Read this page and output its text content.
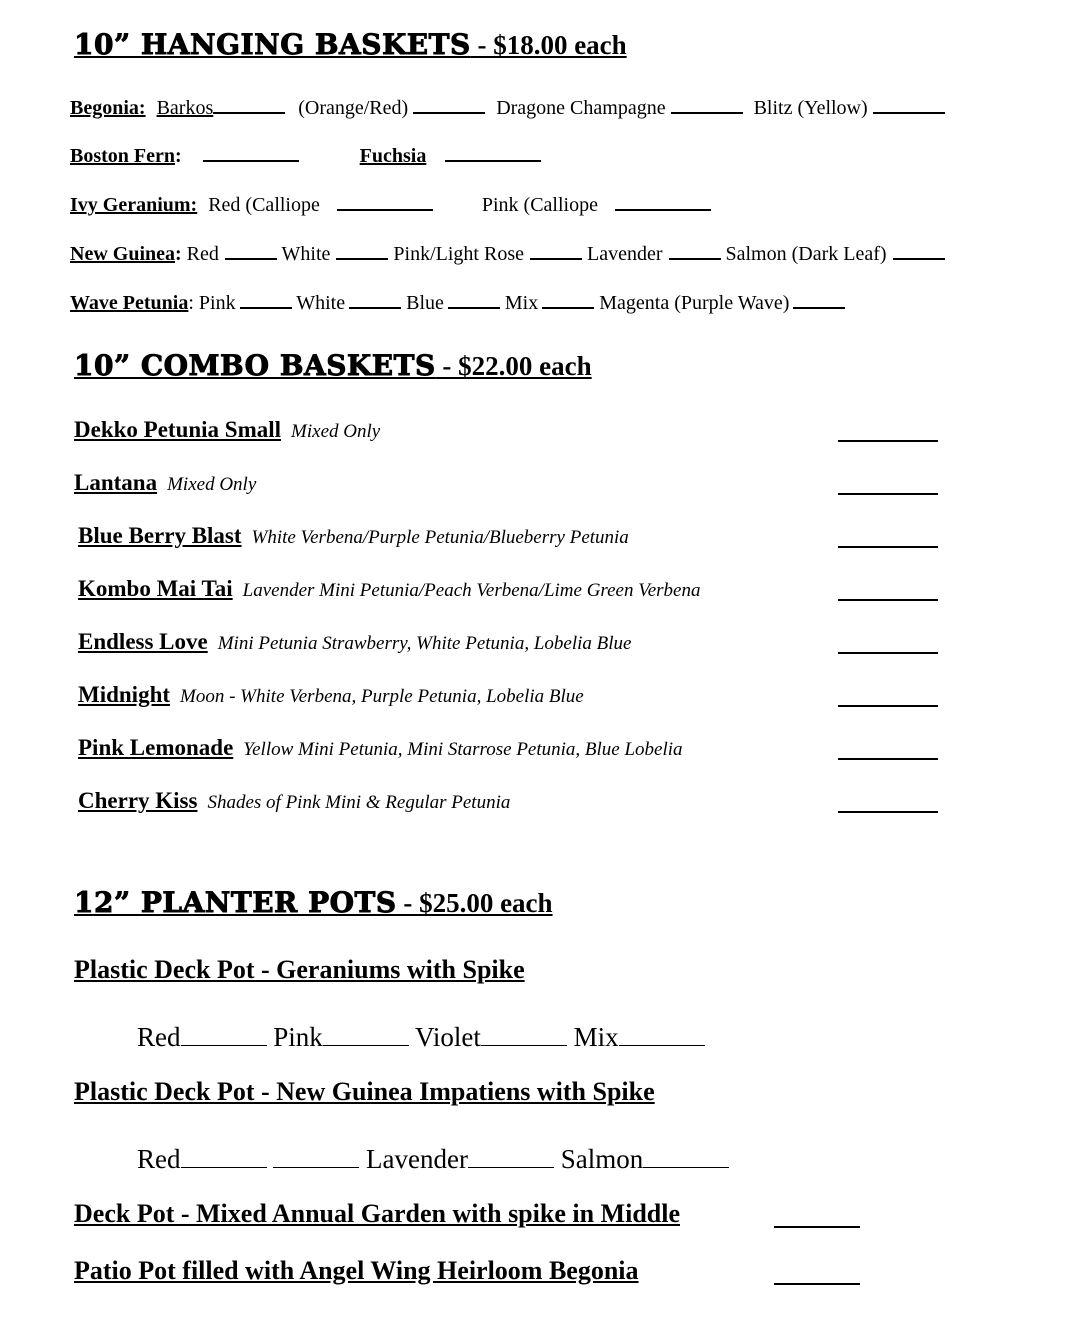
10” HANGING BASKETS - $18.00 each
Begonia: Barkos	(Orange/Red)	Dragone Champagne	Blitz (Yellow)
Boston Fern:	Fuchsia
Ivy Geranium: Red (Calliope	Pink (Calliope
New Guinea: Red	White	Pink/Light Rose	Lavender	Salmon (Dark Leaf)
Wave Petunia: Pink	White	Blue	Mix	Magenta (Purple Wave)
10” COMBO BASKETS - $22.00 each
Dekko Petunia Small Mixed Only
Lantana Mixed Only
Blue Berry Blast White Verbena/Purple Petunia/Blueberry Petunia
Kombo Mai Tai Lavender Mini Petunia/Peach Verbena/Lime Green Verbena
Endless Love Mini Petunia Strawberry, White Petunia, Lobelia Blue
Midnight Moon - White Verbena, Purple Petunia, Lobelia Blue
Pink Lemonade Yellow Mini Petunia, Mini Starrose Petunia, Blue Lobelia
Cherry Kiss Shades of Pink Mini & Regular Petunia
12” PLANTER POTS - $25.00 each
Plastic Deck Pot - Geraniums with Spike
Red	Pink	Violet	Mix
Plastic Deck Pot - New Guinea Impatiens with Spike
Red	Lavender	Salmon
Deck Pot - Mixed Annual Garden with spike in Middle
Patio Pot filled with Angel Wing Heirloom Begonia
